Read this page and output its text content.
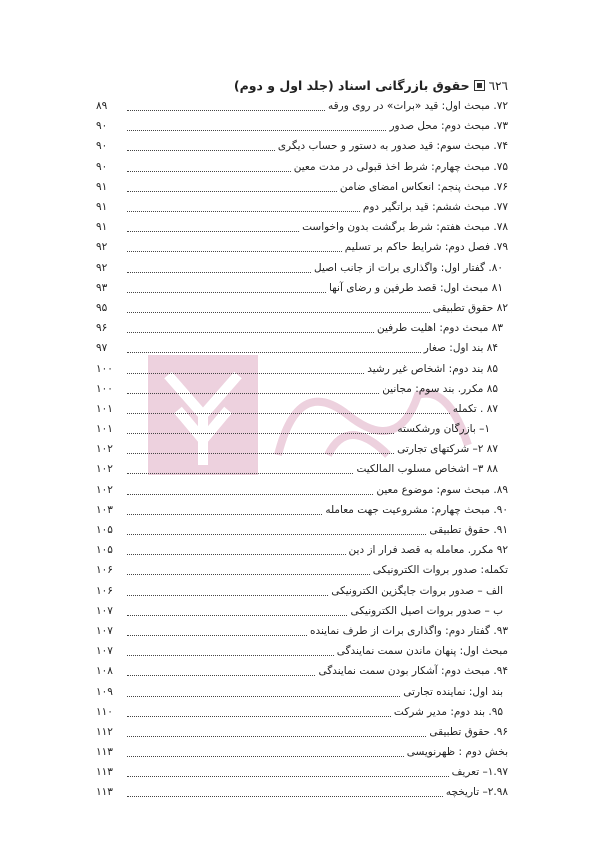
٦٢٦
حقوق بازرگانی اسناد (جلد اول و دوم)
۷۲. مبحث اول: قید «برات» در روی ورقه
۸۹
۷۳. مبحث دوم: محل صدور
۹۰
۷۴. مبحث سوم: قید صدور به دستور و حساب دیگری
۹۰
۷۵. مبحث چهارم: شرط اخذ قبولی در مدت معین
۹۰
۷۶. مبحث پنجم: انعکاس امضای ضامن
۹۱
۷۷. مبحث ششم: قید براتگیر دوم
۹۱
۷۸. مبحث هفتم: شرط برگشت بدون واخواست
۹۱
۷۹. فصل دوم: شرایط حاکم بر تسلیم
۹۲
۸۰. گفتار اول: واگذاری برات از جانب اصیل
۹۲
۸۱ مبحث اول: قصد طرفین و رضای آنها
۹۳
۸۲ حقوق تطبیقی
۹۵
۸۳ مبحث دوم: اهلیت طرفین
۹۶
۸۴ بند اول: صغار
۹۷
۸۵ بند دوم: اشخاص غیر رشید
۱۰۰
۸۵ مکرر. بند سوم: مجانین
۱۰۰
۸۷ . تکمله
۱۰۱
۱– بازرگان ورشکسته
۱۰۱
۸۷ ۲– شرکتهای تجارتی
۱۰۲
۸۸ ۳– اشخاص مسلوب المالکیت
۱۰۲
۸۹. مبحث سوم: موضوع معین
۱۰۲
۹۰. مبحث چهارم: مشروعیت جهت معامله
۱۰۳
۹۱. حقوق تطبیقی
۱۰۵
۹۲ مکرر. معامله به قصد فرار از دین
۱۰۵
تکمله: صدور بروات الکترونیکی
۱۰۶
الف – صدور بروات جایگزین الکترونیکی
۱۰۶
ب – صدور بروات اصیل الکترونیکی
۱۰۷
۹۳. گفتار دوم: واگذاری برات از طرف نماینده
۱۰۷
مبحث اول: پنهان ماندن سمت نمایندگی
۱۰۷
۹۴. مبحث دوم: آشکار بودن سمت نمایندگی
۱۰۸
بند اول: نماینده تجارتی
۱۰۹
۹۵. بند دوم: مدیر شرکت
۱۱۰
۹۶. حقوق تطبیقی
۱۱۲
بخش دوم : ظهرنویسی
۱۱۳
۱.۹۷– تعریف
۱۱۳
۲.۹۸– تاریخچه
۱۱۳
